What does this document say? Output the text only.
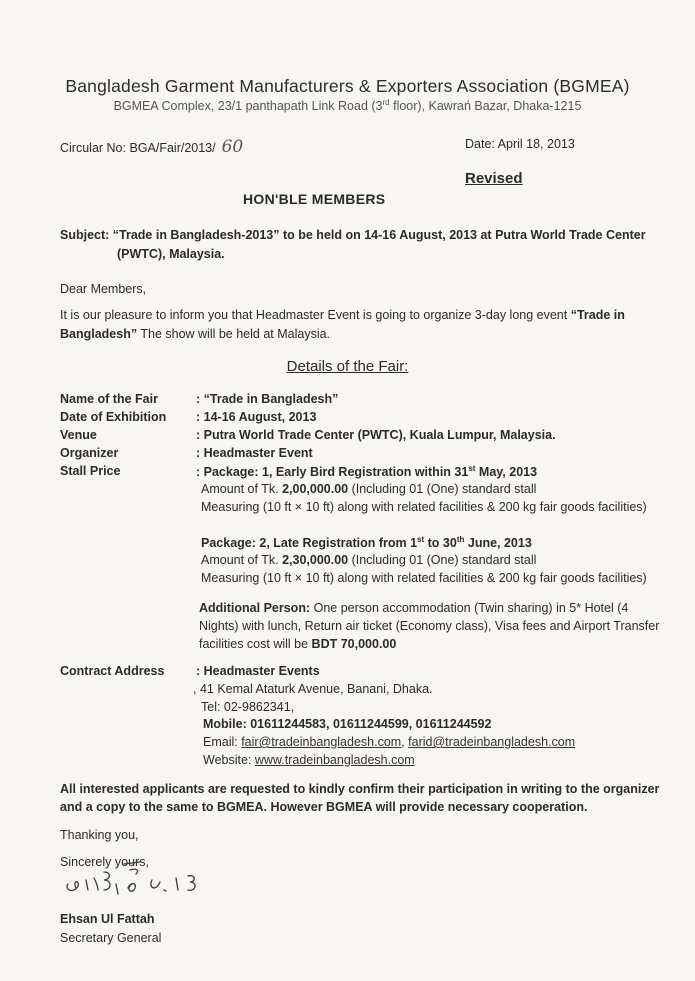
Bangladesh Garment Manufacturers & Exporters Association (BGMEA)
BGMEA Complex, 23/1 panthapath Link Road (3rd floor), Kawrań Bazar, Dhaka-1215
Circular No: BGA/Fair/2013/ 60	Date: April 18, 2013
Revised
HON'BLE MEMBERS
Subject: “Trade in Bangladesh-2013” to be held on 14-16 August, 2013 at Putra World Trade Center
(PWTC), Malaysia.
Dear Members,
It is our pleasure to inform you that Headmaster Event is going to organize 3-day long event “Trade in Bangladesh” The show will be held at Malaysia.
Details of the Fair:
Name of the Fair	: “Trade in Bangladesh”
Date of Exhibition : 14-16 August, 2013
Venue	: Putra World Trade Center (PWTC), Kuala Lumpur, Malaysia.
Organizer	: Headmaster Event
Stall Price	: Package: 1, Early Bird Registration within 31st May, 2013
Amount of Tk. 2,00,000.00 (Including 01 (One) standard stall
Measuring (10 ft × 10 ft) along with related facilities & 200 kg fair goods facilities)
Package: 2, Late Registration from 1st to 30th June, 2013
Amount of Tk. 2,30,000.00 (Including 01 (One) standard stall
Measuring (10 ft × 10 ft) along with related facilities & 200 kg fair goods facilities)
Additional Person: One person accommodation (Twin sharing) in 5* Hotel (4 Nights) with lunch, Return air ticket (Economy class), Visa fees and Airport Transfer facilities cost will be BDT 70,000.00
Contract Address	: Headmaster Events
, 41 Kemal Ataturk Avenue, Banani, Dhaka.
Tel: 02-9862341,
Mobile: 01611244583, 01611244599, 01611244592
Email: fair@tradeinbangladesh.com, farid@tradeinbangladesh.com
Website: www.tradeinbangladesh.com
All interested applicants are requested to kindly confirm their participation in writing to the organizer and a copy to the same to BGMEA. However BGMEA will provide necessary cooperation.
Thanking you,
Sincerely yours,
Ehsan Ul Fattah
Secretary General
